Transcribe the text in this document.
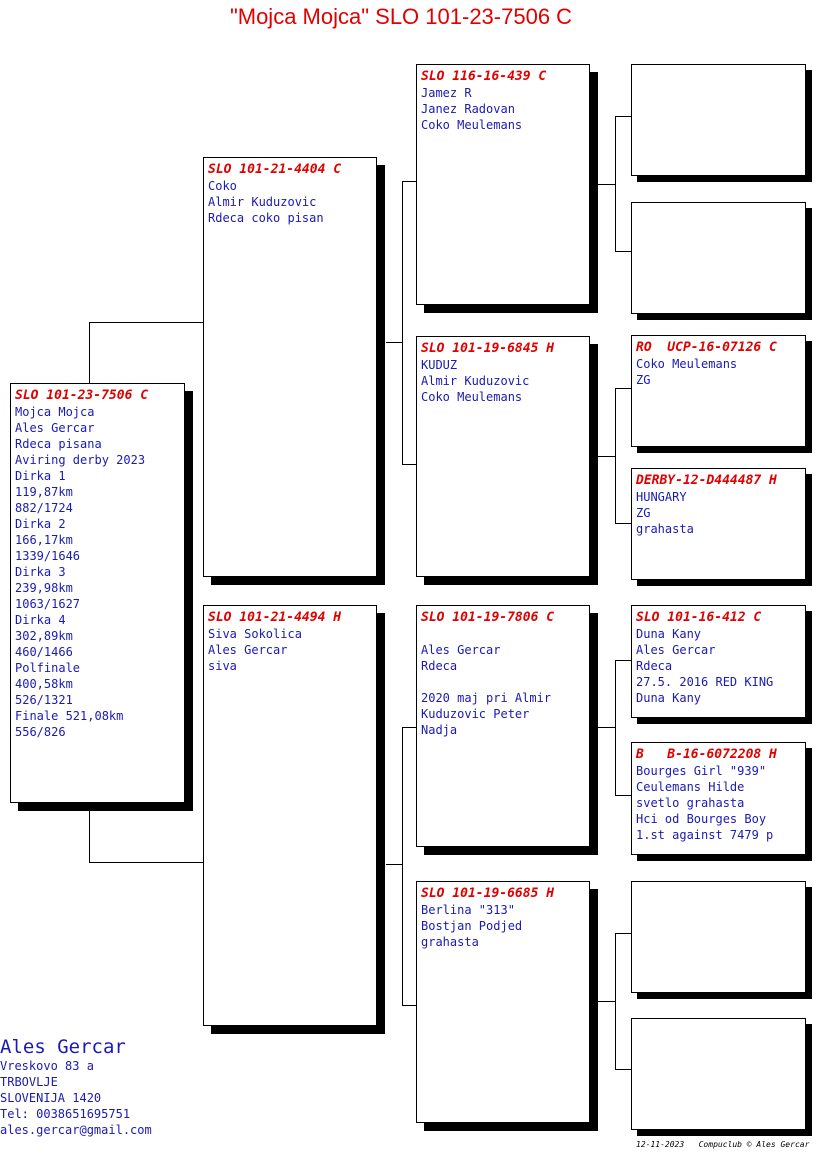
"Mojca Mojca" SLO 101-23-7506 C
SLO 101-23-7506 C
Mojca Mojca
Ales Gercar
Rdeca pisana
Aviring derby 2023
Dirka 1
119,87km
882/1724
Dirka 2
166,17km
1339/1646
Dirka 3
239,98km
1063/1627
Dirka 4
302,89km
460/1466
Polfinale
400,58km
526/1321
Finale 521,08km
556/826
SLO 101-21-4404 C
Coko
Almir Kuduzovic
Rdeca coko pisan
SLO 101-21-4494 H
Siva Sokolica
Ales Gercar
siva
SLO 116-16-439 C
Jamez R
Janez Radovan
Coko Meulemans
SLO 101-19-6845 H
KUDUZ
Almir Kuduzovic
Coko Meulemans
SLO 101-19-7806 C
Ales Gercar
Rdeca
2020 maj pri Almir
Kuduzovic Peter
Nadja
SLO 101-19-6685 H
Berlina "313"
Bostjan Podjed
grahasta
RO  UCP-16-07126 C
Coko Meulemans
ZG
DERBY-12-D444487 H
HUNGARY
ZG
grahasta
SLO 101-16-412 C
Duna Kany
Ales Gercar
Rdeca
27.5. 2016 RED KING
Duna Kany
B   B-16-6072208 H
Bourges Girl "939"
Ceulemans Hilde
svetlo grahasta
Hci od Bourges Boy
1.st against 7479 p
Ales Gercar
Vreskovo 83 a
TRBOVLJE
SLOVENIJA 1420
Tel: 0038651695751
ales.gercar@gmail.com
12-11-2023   Compuclub © Ales Gercar
